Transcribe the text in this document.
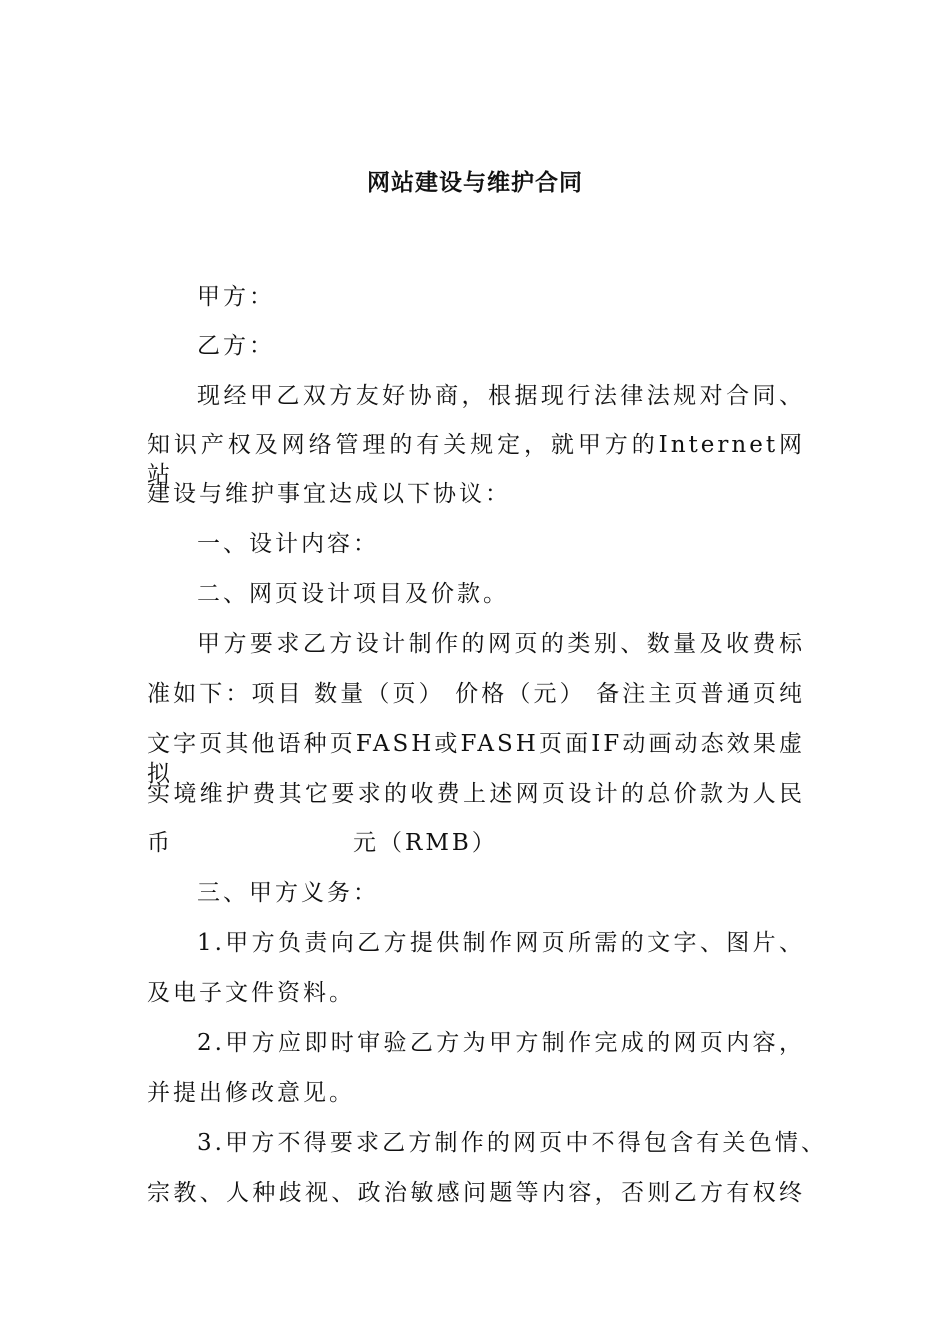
网站建设与维护合同
甲方：
乙方：
现经甲乙双方友好协商，根据现行法律法规对合同、
知识产权及网络管理的有关规定，就甲方的Internet网站
建设与维护事宜达成以下协议：
一、设计内容：
二、网页设计项目及价款。
甲方要求乙方设计制作的网页的类别、数量及收费标
准如下：项目 数量（页） 价格（元） 备注主页普通页纯
文字页其他语种页FASH或FASH页面IF动画动态效果虚拟
实境维护费其它要求的收费上述网页设计的总价款为人民
币	元（RMB）
三、甲方义务：
1.甲方负责向乙方提供制作网页所需的文字、图片、
及电子文件资料。
2.甲方应即时审验乙方为甲方制作完成的网页内容，
并提出修改意见。
3.甲方不得要求乙方制作的网页中不得包含有关色情、
宗教、人种歧视、政治敏感问题等内容，否则乙方有权终
